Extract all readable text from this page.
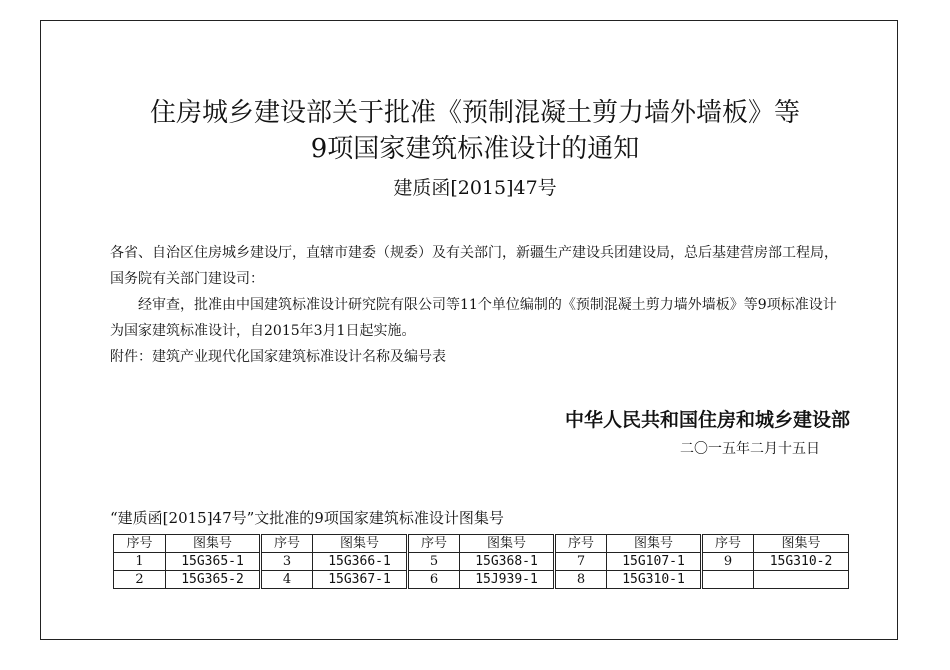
住房城乡建设部关于批准《预制混凝土剪力墙外墙板》等
9项国家建筑标准设计的通知
建质函[2015]47号
各省、自治区住房城乡建设厅，直辖市建委（规委）及有关部门，新疆生产建设兵团建设局，总后基建营房部工程局，国务院有关部门建设司：
经审查，批准由中国建筑标准设计研究院有限公司等11个单位编制的《预制混凝土剪力墙外墙板》等9项标准设计为国家建筑标准设计，自2015年3月1日起实施。
附件：建筑产业现代化国家建筑标准设计名称及编号表
中华人民共和国住房和城乡建设部
二〇一五年二月十五日
“建质函[2015]47号”文批准的9项国家建筑标准设计图集号
序号	图集号	序号	图集号	序号	图集号	序号	图集号	序号	图集号
1	15G365-1	3	15G366-1	5	15G368-1	7	15G107-1	9	15G310-2
2	15G365-2	4	15G367-1	6	15J939-1	8	15G310-1		
